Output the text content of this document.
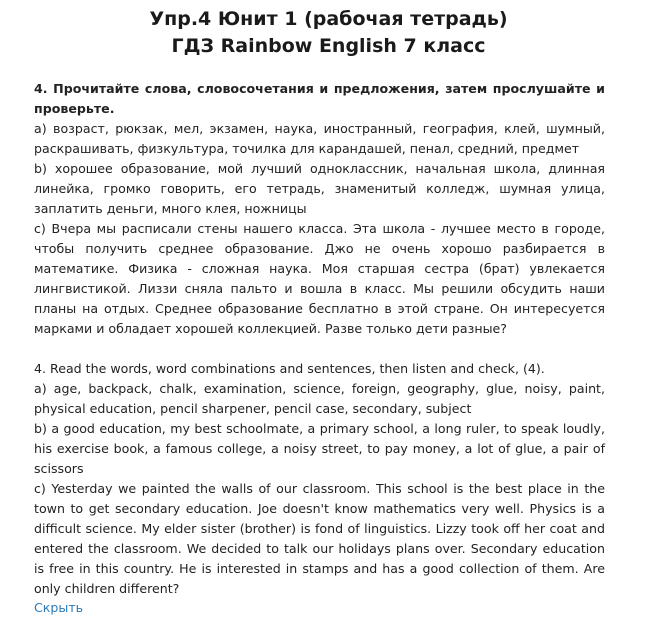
Упр.4 Юнит 1 (рабочая тетрадь)
ГДЗ Rainbow English 7 класс

4. Прочитайте слова, словосочетания и предложения, затем прослушайте и проверьте.

а) возраст, рюкзак, мел, экзамен, наука, иностранный, география, клей, шумный, раскрашивать, физкультура, точилка для карандашей, пенал, средний, предмет

b) хорошее образование, мой лучший одноклассник, начальная школа, длинная линейка, громко говорить, его тетрадь, знаменитый колледж, шумная улица, заплатить деньги, много клея, ножницы

c) Вчера мы расписали стены нашего класса. Эта школа - лучшее место в городе, чтобы получить среднее образование. Джо не очень хорошо разбирается в математике. Физика - сложная наука. Моя старшая сестра (брат) увлекается лингвистикой. Лиззи сняла пальто и вошла в класс. Мы решили обсудить наши планы на отдых. Среднее образование бесплатно в этой стране. Он интересуется марками и обладает хорошей коллекцией. Разве только дети разные?

4. Read the words, word combinations and sentences, then listen and check, (4).

a) age, backpack, chalk, examination, science, foreign, geography, glue, noisy, paint, physical education, pencil sharpener, pencil case, secondary, subject

b) a good education, my best schoolmate, a primary school, a long ruler, to speak loudly, his exercise book, a famous college, a noisy street, to pay money, a lot of glue, a pair of scissors

c) Yesterday we painted the walls of our classroom. This school is the best place in the town to get secondary education. Joe doesn't know mathematics very well. Physics is a difficult science. My elder sister (brother) is fond of linguistics. Lizzy took off her coat and entered the classroom. We decided to talk our holidays plans over. Secondary education is free in this country. He is interested in stamps and has a good collection of them. Are only children different?

Скрыть
